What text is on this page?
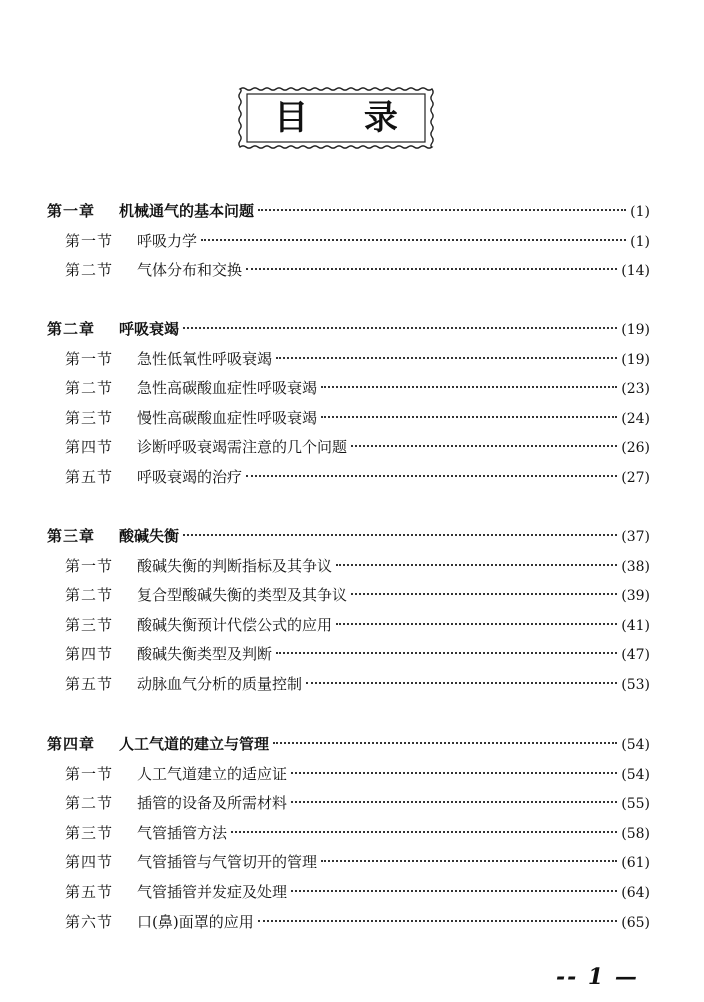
目 录
第一章	机械通气的基本问题	(1)
第一节	呼吸力学	(1)
第二节	气体分布和交换	(14)
第二章	呼吸衰竭	(19)
第一节	急性低氧性呼吸衰竭	(19)
第二节	急性高碳酸血症性呼吸衰竭	(23)
第三节	慢性高碳酸血症性呼吸衰竭	(24)
第四节	诊断呼吸衰竭需注意的几个问题	(26)
第五节	呼吸衰竭的治疗	(27)
第三章	酸碱失衡	(37)
第一节	酸碱失衡的判断指标及其争议	(38)
第二节	复合型酸碱失衡的类型及其争议	(39)
第三节	酸碱失衡预计代偿公式的应用	(41)
第四节	酸碱失衡类型及判断	(47)
第五节	动脉血气分析的质量控制	(53)
第四章	人工气道的建立与管理	(54)
第一节	人工气道建立的适应证	(54)
第二节	插管的设备及所需材料	(55)
第三节	气管插管方法	(58)
第四节	气管插管与气管切开的管理	(61)
第五节	气管插管并发症及处理	(64)
第六节	口(鼻)面罩的应用	(65)
-- 1 —
